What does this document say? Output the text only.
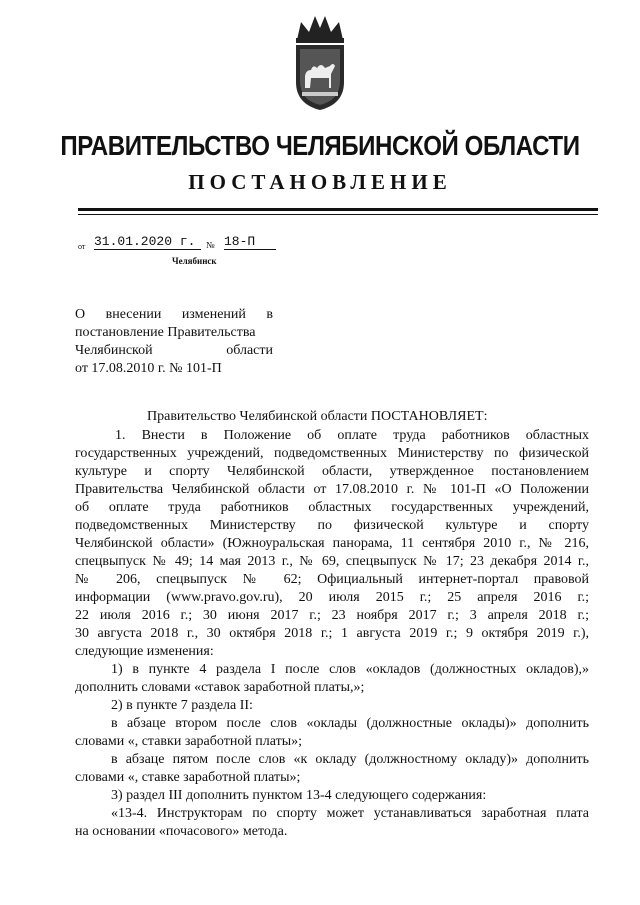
ПРАВИТЕЛЬСТВО ЧЕЛЯБИНСКОЙ ОБЛАСТИ
ПОСТАНОВЛЕНИЕ
от 31.01.2020 г.	№ 18-П
Челябинск
О внесении изменений в
постановление Правительства
Челябинской области
от 17.08.2010 г. № 101-П
Правительство Челябинской области ПОСТАНОВЛЯЕТ:
1. Внести в Положение об оплате труда работников областных
государственных учреждений, подведомственных Министерству по физической
культуре и спорту Челябинской области, утвержденное постановлением
Правительства Челябинской области от 17.08.2010 г. № 101-П «О Положении
об оплате труда работников областных государственных учреждений,
подведомственных Министерству по физической культуре и спорту
Челябинской области» (Южноуральская панорама, 11 сентября 2010 г., № 216,
спецвыпуск № 49; 14 мая 2013 г., № 69, спецвыпуск № 17; 23 декабря 2014 г.,
№ 206, спецвыпуск № 62; Официальный интернет-портал правовой
информации (www.pravo.gov.ru), 20 июля 2015 г.; 25 апреля 2016 г.;
22 июля 2016 г.; 30 июня 2017 г.; 23 ноября 2017 г.; 3 апреля 2018 г.;
30 августа 2018 г., 30 октября 2018 г.; 1 августа 2019 г.; 9 октября 2019 г.),
следующие изменения:
1) в пункте 4 раздела I после слов «окладов (должностных окладов),»
дополнить словами «ставок заработной платы,»;
2) в пункте 7 раздела II:
в абзаце втором после слов «оклады (должностные оклады)» дополнить
словами «, ставки заработной платы»;
в абзаце пятом после слов «к окладу (должностному окладу)» дополнить
словами «, ставке заработной платы»;
3) раздел III дополнить пунктом 13-4 следующего содержания:
«13-4. Инструкторам по спорту может устанавливаться заработная плата
на основании «почасового» метода.
